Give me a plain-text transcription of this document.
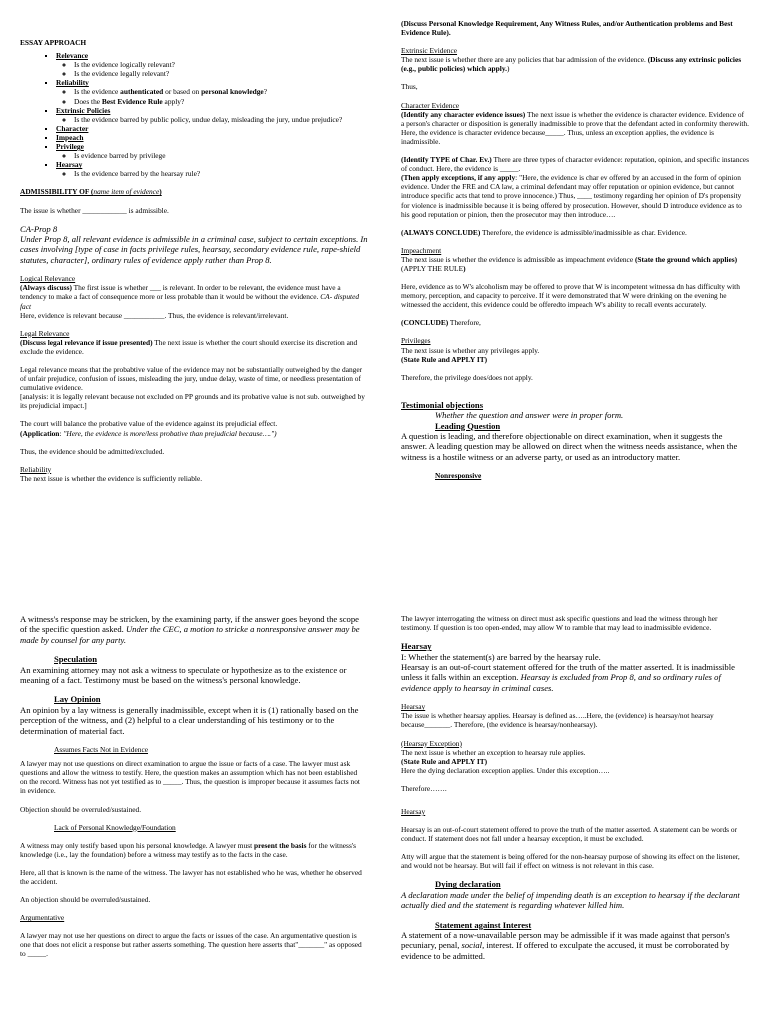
ESSAY APPROACH

▪ Relevance
◦ Is the evidence logically relevant?
◦ Is the evidence legally relevant?
▪ Reliability
◦ Is the evidence authenticated or based on personal knowledge?
◦ Does the Best Evidence Rule apply?
▪ Extrinsic Policies
◦ Is the evidence barred by public policy, undue delay, misleading the jury, undue prejudice?
▪ Character
▪ Impeach
▪ Privilege
◦ Is evidence barred by privilege
▪ Hearsay
◦ Is the evidence barred by the hearsay rule?

ADMISSIBILITY OF (name item of evidence)

The issue is whether ____________ is admissible.

CA-Prop 8

Under Prop 8, all relevant evidence is admissible in a criminal case, subject to certain exceptions. In cases involving [type of case in facts privilege rules, hearsay, secondary evidence rule, rape-shield statutes, character], ordinary rules of evidence apply rather than Prop 8.

Logical Relevance

(Always discuss) The first issue is whether ___ is relevant. In order to be relevant, the evidence must have a tendency to make a fact of consequence more or less probable than it would be without the evidence. CA- disputed fact

Here, evidence is relevant because ___________. Thus, the evidence is relevant/irrelevant.

Legal Relevance

(Discuss legal relevance if issue presented) The next issue is whether the court should exercise its discretion and exclude the evidence.

Legal relevance means that the probabtive value of the evidence may not be substantially outweighed by the danger of unfair prejudice, confusion of issues, misleading the jury, undue delay, waste of time, or needless presentation of cumulative evidence.

[analysis: it is legally relevant because not excluded on PP grounds and its probative value is not sub. outweighed by its prejudicial impact.]

The court will balance the probative value of the evidence against its prejudicial effect.

(Application: "Here, the evidence is more/less probative than prejudicial because….")

Thus, the evidence should be admitted/excluded.

Reliability

The next issue is whether the evidence is sufficiently reliable.

(Discuss Personal Knowledge Requirement, Any Witness Rules, and/or Authentication problems and Best Evidence Rule).

Extrinsic Evidence

The next issue is whether there are any policies that bar admission of the evidence. (Discuss any extrinsic policies (e.g., public policies) which apply.)

Thus,

Character Evidence

(Identify any character evidence issues) The next issue is whether the evidence is character evidence. Evidence of a person's character or disposition is generally inadmissible to prove that the defendant acted in conformity therewith. Here, the evidence is character evidence because_____. Thus, unless an exception applies, the evidence is inadmissible.

(Identify TYPE of Char. Ev.) There are three types of character evidence: reputation, opinion, and specific instances of conduct. Here, the evidence is _____.

(Then apply exceptions, if any apply: "Here, the evidence is char ev offered by an accused in the form of opinion evidence. Under the FRE and CA law, a criminal defendant may offer reputation or opinion evidence, but cannot introduce specific acts that tend to prove innocence.) Thus, ____ testimony regarding her opinion of D's propensity for violence is inadmissible because it is being offered by prosecution. However, should D introduce evidence as to his good reputation or pinion, then the prosecutor may then introduce….

(ALWAYS CONCLUDE) Therefore, the evidence is admissible/inadmissible as char. Evidence.

Impeachment

The next issue is whether the evidence is admissible as impeachment evidence (State the ground which applies) (APPLY THE RULE)

Here, evidence as to W's alcoholism may be offered to prove that W is incompetent witnessa dn has difficulty with memory, perception, and capacity to perceive. If it were demonstrated that W were drinking on the evening he witnessed the accident, this evidence could be offeredto impeach W's ability to recall events accurately.

(CONCLUDE) Therefore,

Privileges

The next issue is whether any privileges apply.

(State Rule and APPLY IT)

Therefore, the privilege does/does not apply.

Testimonial objections

Whether the question and answer were in proper form.

Leading Question

A question is leading, and therefore objectionable on direct examination, when it suggests the answer. A leading question may be allowed on direct when the witness needs assistance, when the witness is a hostile witness or an adverse party, or used as an introductory matter.

Nonresponsive

A witness's response may be stricken, by the examining party, if the answer goes beyond the scope of the specific question asked. Under the CEC, a motion to stricke a nonresponsive answer may be made by counsel for any party.

Speculation

An examining attorney may not ask a witness to speculate or hypothesize as to the existence or meaning of a fact. Testimony must be based on the witness's personal knowledge.

Lay Opinion

An opinion by a lay witness is generally inadmissible, except when it is (1) rationally based on the perception of the witness, and (2) helpful to a clear understanding of his testimony or to the determination of material fact.

Assumes Facts Not in Evidence

A lawyer may not use questions on direct examination to argue the issue or facts of a case. The lawyer must ask questions and allow the witness to testify. Here, the question makes an assumption which has not been established on the record. Witness has not yet testified as to _____. Thus, the question is improper because it assumes facts not in evidence.

Objection should be overruled/sustained.

Lack of Personal Knowledge/Foundation

A witness may only testify based upon his personal knowledge. A lawyer must present the basis for the witness's knowledge (i.e., lay the foundation) before a witness may testify as to the facts in the case.

Here, all that is known is the name of the witness. The lawyer has not established who he was, whether he observed the accident.

An objection should be overruled/sustained.

Argumentative

A lawyer may not use her questions on direct to argue the facts or issues of the case. An argumentative question is one that does not elicit a response but rather asserts something. The question here asserts that"_______" as opposed to _____.

The lawyer interrogating the witness on direct must ask specific questions and lead the witness through her testimony. If question is too open-ended, may allow W to ramble that may lead to inadmissible evidence.

Hearsay

I: Whether the statement(s) are barred by the hearsay rule.

Hearsay is an out-of-court statement offered for the truth of the matter asserted. It is inadmissible unless it falls within an exception. Hearsay is excluded from Prop 8, and so ordinary rules of evidence apply to hearsay in criminal cases.

Hearsay

The issue is whether hearsay applies. Hearsay is defined as…..Here, the (evidence) is hearsay/not hearsay because_______. Therefore, (the evidence is hearsay/nonhearsay).

(Hearsay Exception)

The next issue is whether an exception to hearsay rule applies.

(State Rule and APPLY IT)

Here the dying declaration exception applies. Under this exception…..

Therefore…….

Hearsay

Hearsay is an out-of-court statement offered to prove the truth of the matter asserted. A statement can be words or conduct. If statement does not fall under a hearsay exception, it must be excluded.

Atty will argue that the statement is being offered for the non-hearsay purpose of showing its effect on the listener, and would not be hearsay. But will fail if effect on witness is not relevant in this case.

Dying declaration

A declaration made under the belief of impending death is an exception to hearsay if the declarant actually died and the statement is regarding whatever killed him.

Statement against Interest

A statement of a now-unavailable person may be admissible if it was made against that person's pecuniary, penal, social, interest. If offered to exculpate the accused, it must be corroborated by evidence to be admitted.
